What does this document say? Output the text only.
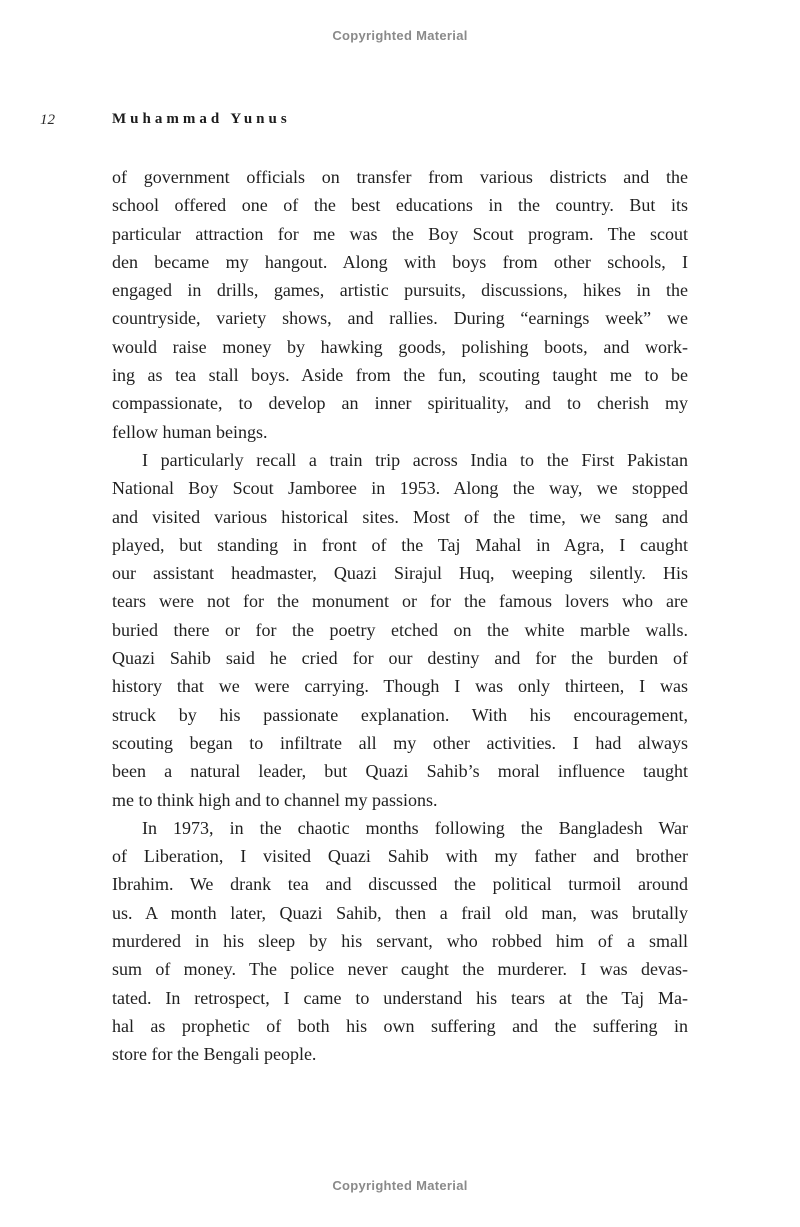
Copyrighted Material
12	Muhammad Yunus
of government officials on transfer from various districts and the
school offered one of the best educations in the country. But its
particular attraction for me was the Boy Scout program. The scout
den became my hangout. Along with boys from other schools, I
engaged in drills, games, artistic pursuits, discussions, hikes in the
countryside, variety shows, and rallies. During “earnings week” we
would raise money by hawking goods, polishing boots, and work-
ing as tea stall boys. Aside from the fun, scouting taught me to be
compassionate, to develop an inner spirituality, and to cherish my
fellow human beings.
I particularly recall a train trip across India to the First Pakistan
National Boy Scout Jamboree in 1953. Along the way, we stopped
and visited various historical sites. Most of the time, we sang and
played, but standing in front of the Taj Mahal in Agra, I caught
our assistant headmaster, Quazi Sirajul Huq, weeping silently. His
tears were not for the monument or for the famous lovers who are
buried there or for the poetry etched on the white marble walls.
Quazi Sahib said he cried for our destiny and for the burden of
history that we were carrying. Though I was only thirteen, I was
struck by his passionate explanation. With his encouragement,
scouting began to infiltrate all my other activities. I had always
been a natural leader, but Quazi Sahib’s moral influence taught
me to think high and to channel my passions.
In 1973, in the chaotic months following the Bangladesh War
of Liberation, I visited Quazi Sahib with my father and brother
Ibrahim. We drank tea and discussed the political turmoil around
us. A month later, Quazi Sahib, then a frail old man, was brutally
murdered in his sleep by his servant, who robbed him of a small
sum of money. The police never caught the murderer. I was devas-
tated. In retrospect, I came to understand his tears at the Taj Ma-
hal as prophetic of both his own suffering and the suffering in
store for the Bengali people.
Copyrighted Material
